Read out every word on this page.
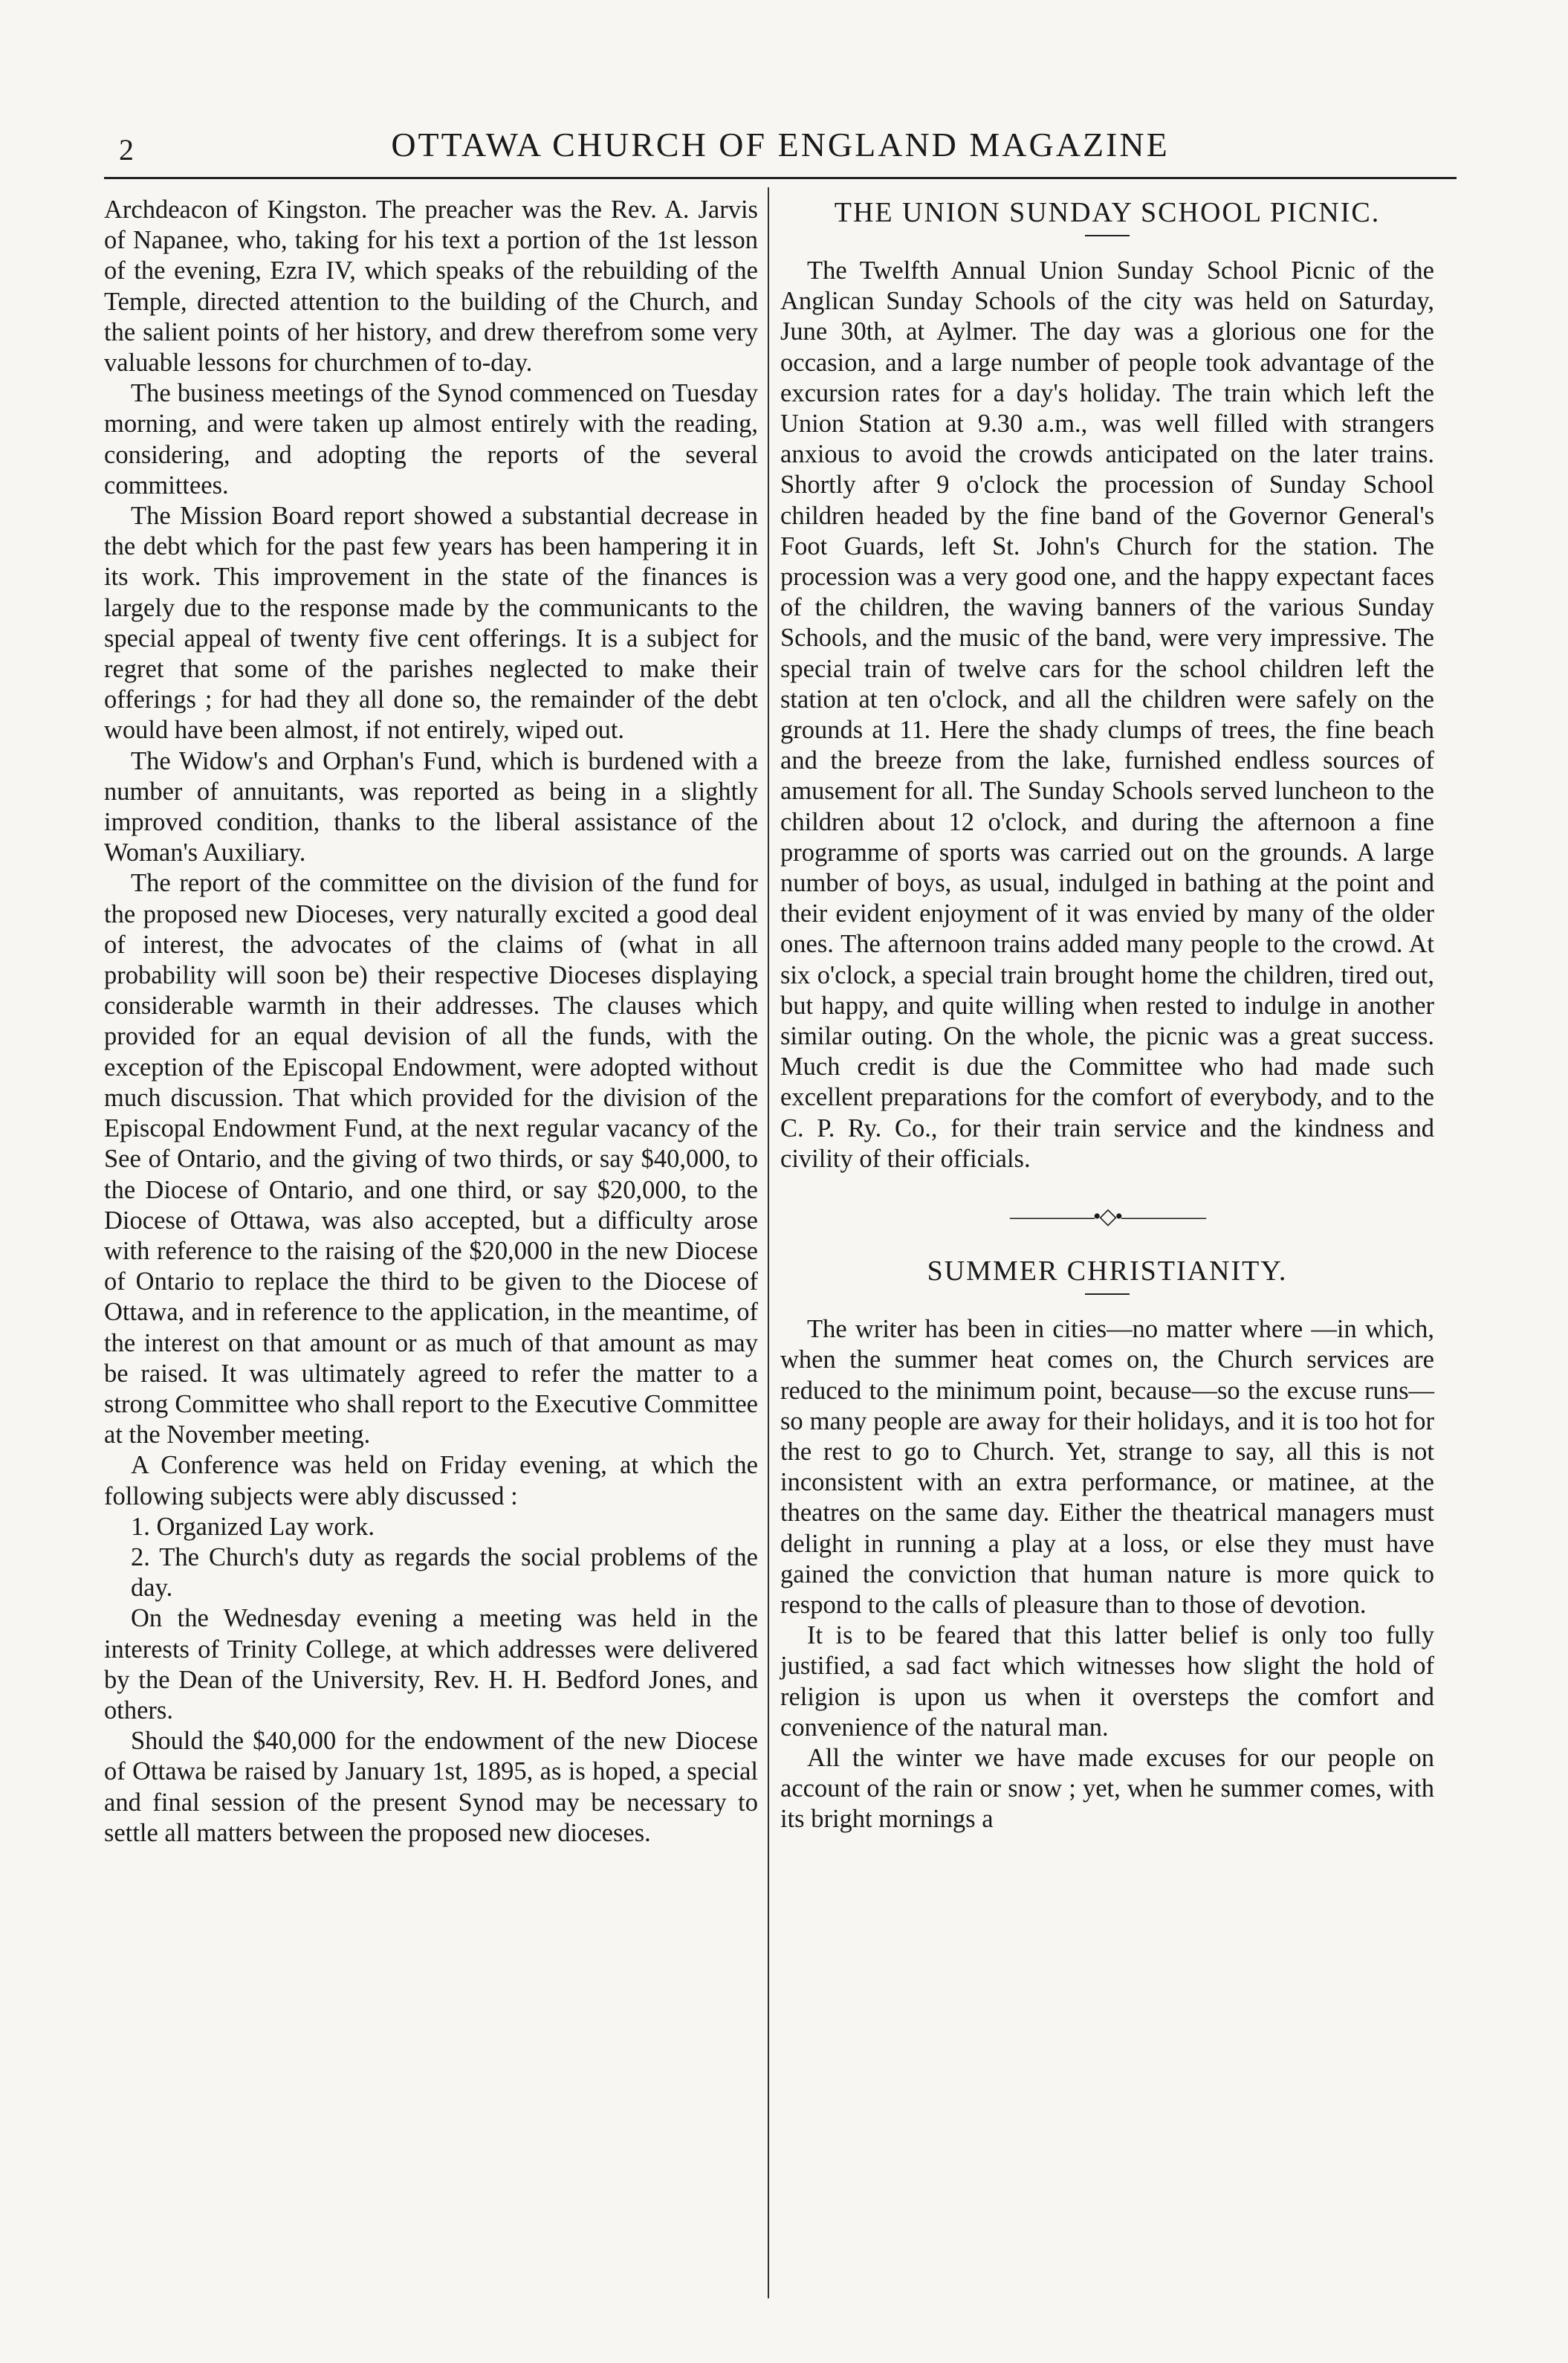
2	OTTAWA CHURCH OF ENGLAND MAGAZINE

Archdeacon of Kingston. The preacher was the Rev. A. Jarvis of Napanee, who, taking for his text a portion of the 1st lesson of the evening, Ezra IV, which speaks of the rebuilding of the Temple, directed attention to the building of the Church, and the salient points of her history, and drew therefrom some very valuable lessons for churchmen of to-day.

The business meetings of the Synod commenced on Tuesday morning, and were taken up almost entirely with the reading, considering, and adopting the reports of the several committees.

The Mission Board report showed a substantial decrease in the debt which for the past few years has been hampering it in its work. This improvement in the state of the finances is largely due to the response made by the communicants to the special appeal of twenty five cent offerings. It is a subject for regret that some of the parishes neglected to make their offerings ; for had they all done so, the remainder of the debt would have been almost, if not entirely, wiped out.

The Widow's and Orphan's Fund, which is burdened with a number of annuitants, was reported as being in a slightly improved condition, thanks to the liberal assistance of the Woman's Auxiliary.

The report of the committee on the division of the fund for the proposed new Dioceses, very naturally excited a good deal of interest, the advocates of the claims of (what in all probability will soon be) their respective Dioceses displaying considerable warmth in their addresses. The clauses which provided for an equal devision of all the funds, with the exception of the Episcopal Endowment, were adopted without much discussion. That which provided for the division of the Episcopal Endowment Fund, at the next regular vacancy of the See of Ontario, and the giving of two thirds, or say $40,000, to the Diocese of Ontario, and one third, or say $20,000, to the Diocese of Ottawa, was also accepted, but a difficulty arose with reference to the raising of the $20,000 in the new Diocese of Ontario to replace the third to be given to the Diocese of Ottawa, and in reference to the application, in the meantime, of the interest on that amount or as much of that amount as may be raised. It was ultimately agreed to refer the matter to a strong Committee who shall report to the Executive Committee at the November meeting.

A Conference was held on Friday evening, at which the following subjects were ably discussed :

1. Organized Lay work.

2. The Church's duty as regards the social problems of the day.

On the Wednesday evening a meeting was held in the interests of Trinity College, at which addresses were delivered by the Dean of the University, Rev. H. H. Bedford Jones, and others.

Should the $40,000 for the endowment of the new Diocese of Ottawa be raised by January 1st, 1895, as is hoped, a special and final session of the present Synod may be necessary to settle all matters between the proposed new dioceses.

THE UNION SUNDAY SCHOOL PICNIC.

The Twelfth Annual Union Sunday School Picnic of the Anglican Sunday Schools of the city was held on Saturday, June 30th, at Aylmer. The day was a glorious one for the occasion, and a large number of people took advantage of the excursion rates for a day's holiday. The train which left the Union Station at 9.30 a.m., was well filled with strangers anxious to avoid the crowds anticipated on the later trains. Shortly after 9 o'clock the procession of Sunday School children headed by the fine band of the Governor General's Foot Guards, left St. John's Church for the station. The procession was a very good one, and the happy expectant faces of the children, the waving banners of the various Sunday Schools, and the music of the band, were very impressive. The special train of twelve cars for the school children left the station at ten o'clock, and all the children were safely on the grounds at 11. Here the shady clumps of trees, the fine beach and the breeze from the lake, furnished endless sources of amusement for all. The Sunday Schools served luncheon to the children about 12 o'clock, and during the afternoon a fine programme of sports was carried out on the grounds. A large number of boys, as usual, indulged in bathing at the point and their evident enjoyment of it was envied by many of the older ones. The afternoon trains added many people to the crowd. At six o'clock, a special train brought home the children, tired out, but happy, and quite willing when rested to indulge in another similar outing. On the whole, the picnic was a great success. Much credit is due the Committee who had made such excellent preparations for the comfort of everybody, and to the C. P. Ry. Co., for their train service and the kindness and civility of their officials.

————•◇•————
SUMMER CHRISTIANITY.

The writer has been in cities—no matter where —in which, when the summer heat comes on, the Church services are reduced to the minimum point, because—so the excuse runs—so many people are away for their holidays, and it is too hot for the rest to go to Church. Yet, strange to say, all this is not inconsistent with an extra performance, or matinee, at the theatres on the same day. Either the theatrical managers must delight in running a play at a loss, or else they must have gained the conviction that human nature is more quick to respond to the calls of pleasure than to those of devotion.

It is to be feared that this latter belief is only too fully justified, a sad fact which witnesses how slight the hold of religion is upon us when it oversteps the comfort and convenience of the natural man.

All the winter we have made excuses for our people on account of the rain or snow ; yet, when he summer comes, with its bright mornings a
